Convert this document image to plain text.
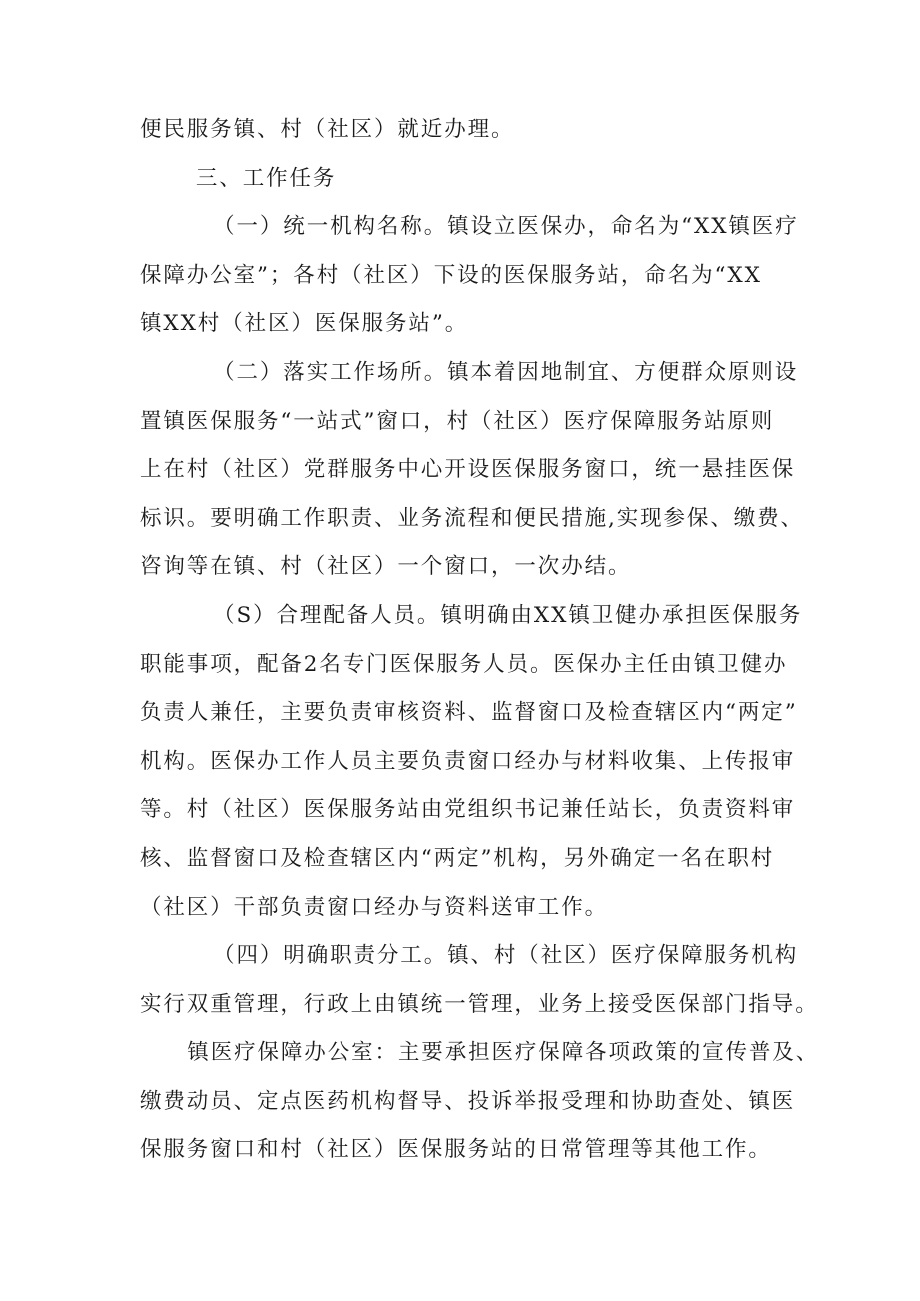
便民服务镇、村（社区）就近办理。
三、工作任务
（一）统一机构名称。镇设立医保办，命名为“XX镇医疗
保障办公室”；各村（社区）下设的医保服务站，命名为“XX
镇XX村（社区）医保服务站”。
（二）落实工作场所。镇本着因地制宜、方便群众原则设
置镇医保服务“一站式”窗口，村（社区）医疗保障服务站原则
上在村（社区）党群服务中心开设医保服务窗口，统一悬挂医保
标识。要明确工作职责、业务流程和便民措施,实现参保、缴费、
咨询等在镇、村（社区）一个窗口，一次办结。
（S）合理配备人员。镇明确由XX镇卫健办承担医保服务
职能事项，配备2名专门医保服务人员。医保办主任由镇卫健办
负责人兼任，主要负责审核资料、监督窗口及检查辖区内“两定”
机构。医保办工作人员主要负责窗口经办与材料收集、上传报审
等。村（社区）医保服务站由党组织书记兼任站长，负责资料审
核、监督窗口及检查辖区内“两定”机构，另外确定一名在职村
（社区）干部负责窗口经办与资料送审工作。
（四）明确职责分工。镇、村（社区）医疗保障服务机构
实行双重管理，行政上由镇统一管理，业务上接受医保部门指导。
镇医疗保障办公室：主要承担医疗保障各项政策的宣传普及、
缴费动员、定点医药机构督导、投诉举报受理和协助查处、镇医
保服务窗口和村（社区）医保服务站的日常管理等其他工作。
